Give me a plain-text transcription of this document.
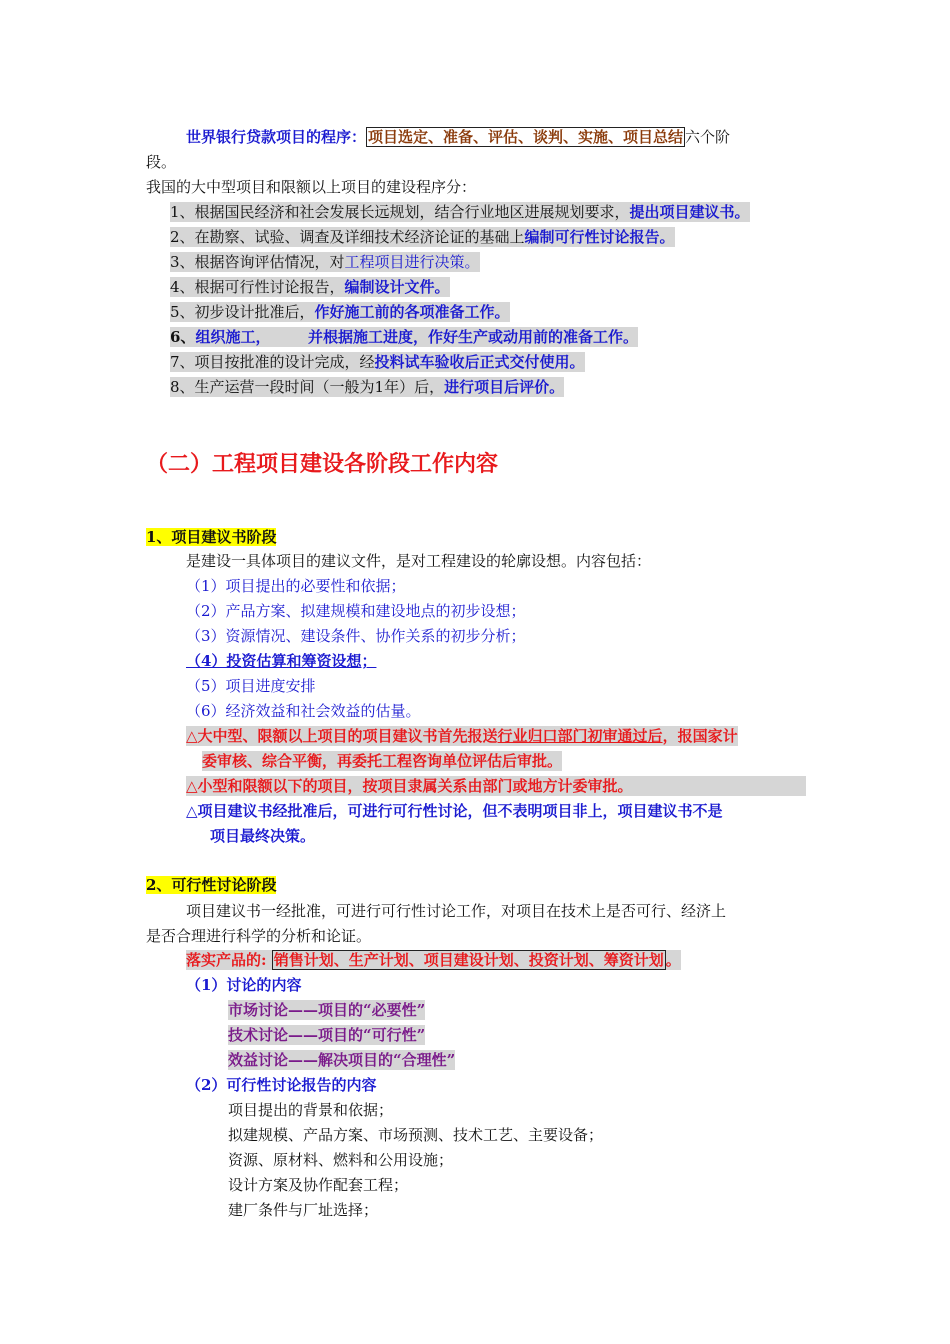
世界银行贷款项目的程序： 项目选定、准备、评估、谈判、实施、项目总结 六个阶
段。
我国的大中型项目和限额以上项目的建设程序分：
1、根据国民经济和社会发展长远规划，结合行业地区进展规划要求，提出项目建议书。
2、在勘察、试验、调查及详细技术经济论证的基础上编制可行性讨论报告。
3、根据咨询评估情况，对工程项目进行决策。
4、根据可行性讨论报告，编制设计文件。
5、初步设计批准后，作好施工前的各项准备工作。
6、组织施工，　　　并根据施工进度，作好生产或动用前的准备工作。
7、项目按批准的设计完成，经投料试车验收后正式交付使用。
8、生产运营一段时间（一般为1年）后，进行项目后评价。
（二）工程项目建设各阶段工作内容
1、项目建议书阶段
是建设一具体项目的建议文件，是对工程建设的轮廓设想。内容包括：
（1）项目提出的必要性和依据；
（2）产品方案、拟建规模和建设地点的初步设想；
（3）资源情况、建设条件、协作关系的初步分析；
（4）投资估算和筹资设想；
（5）项目进度安排
（6）经济效益和社会效益的估量。
△大中型、限额以上项目的项目建议书首先报送行业归口部门初审通过后，报国家计
委审核、综合平衡，再委托工程咨询单位评估后审批。
△小型和限额以下的项目，按项目隶属关系由部门或地方计委审批。
△项目建议书经批准后，可进行可行性讨论，但不表明项目非上，项目建议书不是
项目最终决策。
2、可行性讨论阶段
项目建议书一经批准，可进行可行性讨论工作，对项目在技术上是否可行、经济上
是否合理进行科学的分析和论证。
落实产品的: 销售计划、生产计划、项目建设计划、投资计划、筹资计划 。
（1）讨论的内容
市场讨论——项目的“必要性”
技术讨论——项目的“可行性”
效益讨论——解决项目的“合理性”
（2）可行性讨论报告的内容
项目提出的背景和依据；
拟建规模、产品方案、市场预测、技术工艺、主要设备；
资源、原材料、燃料和公用设施；
设计方案及协作配套工程；
建厂条件与厂址选择；
